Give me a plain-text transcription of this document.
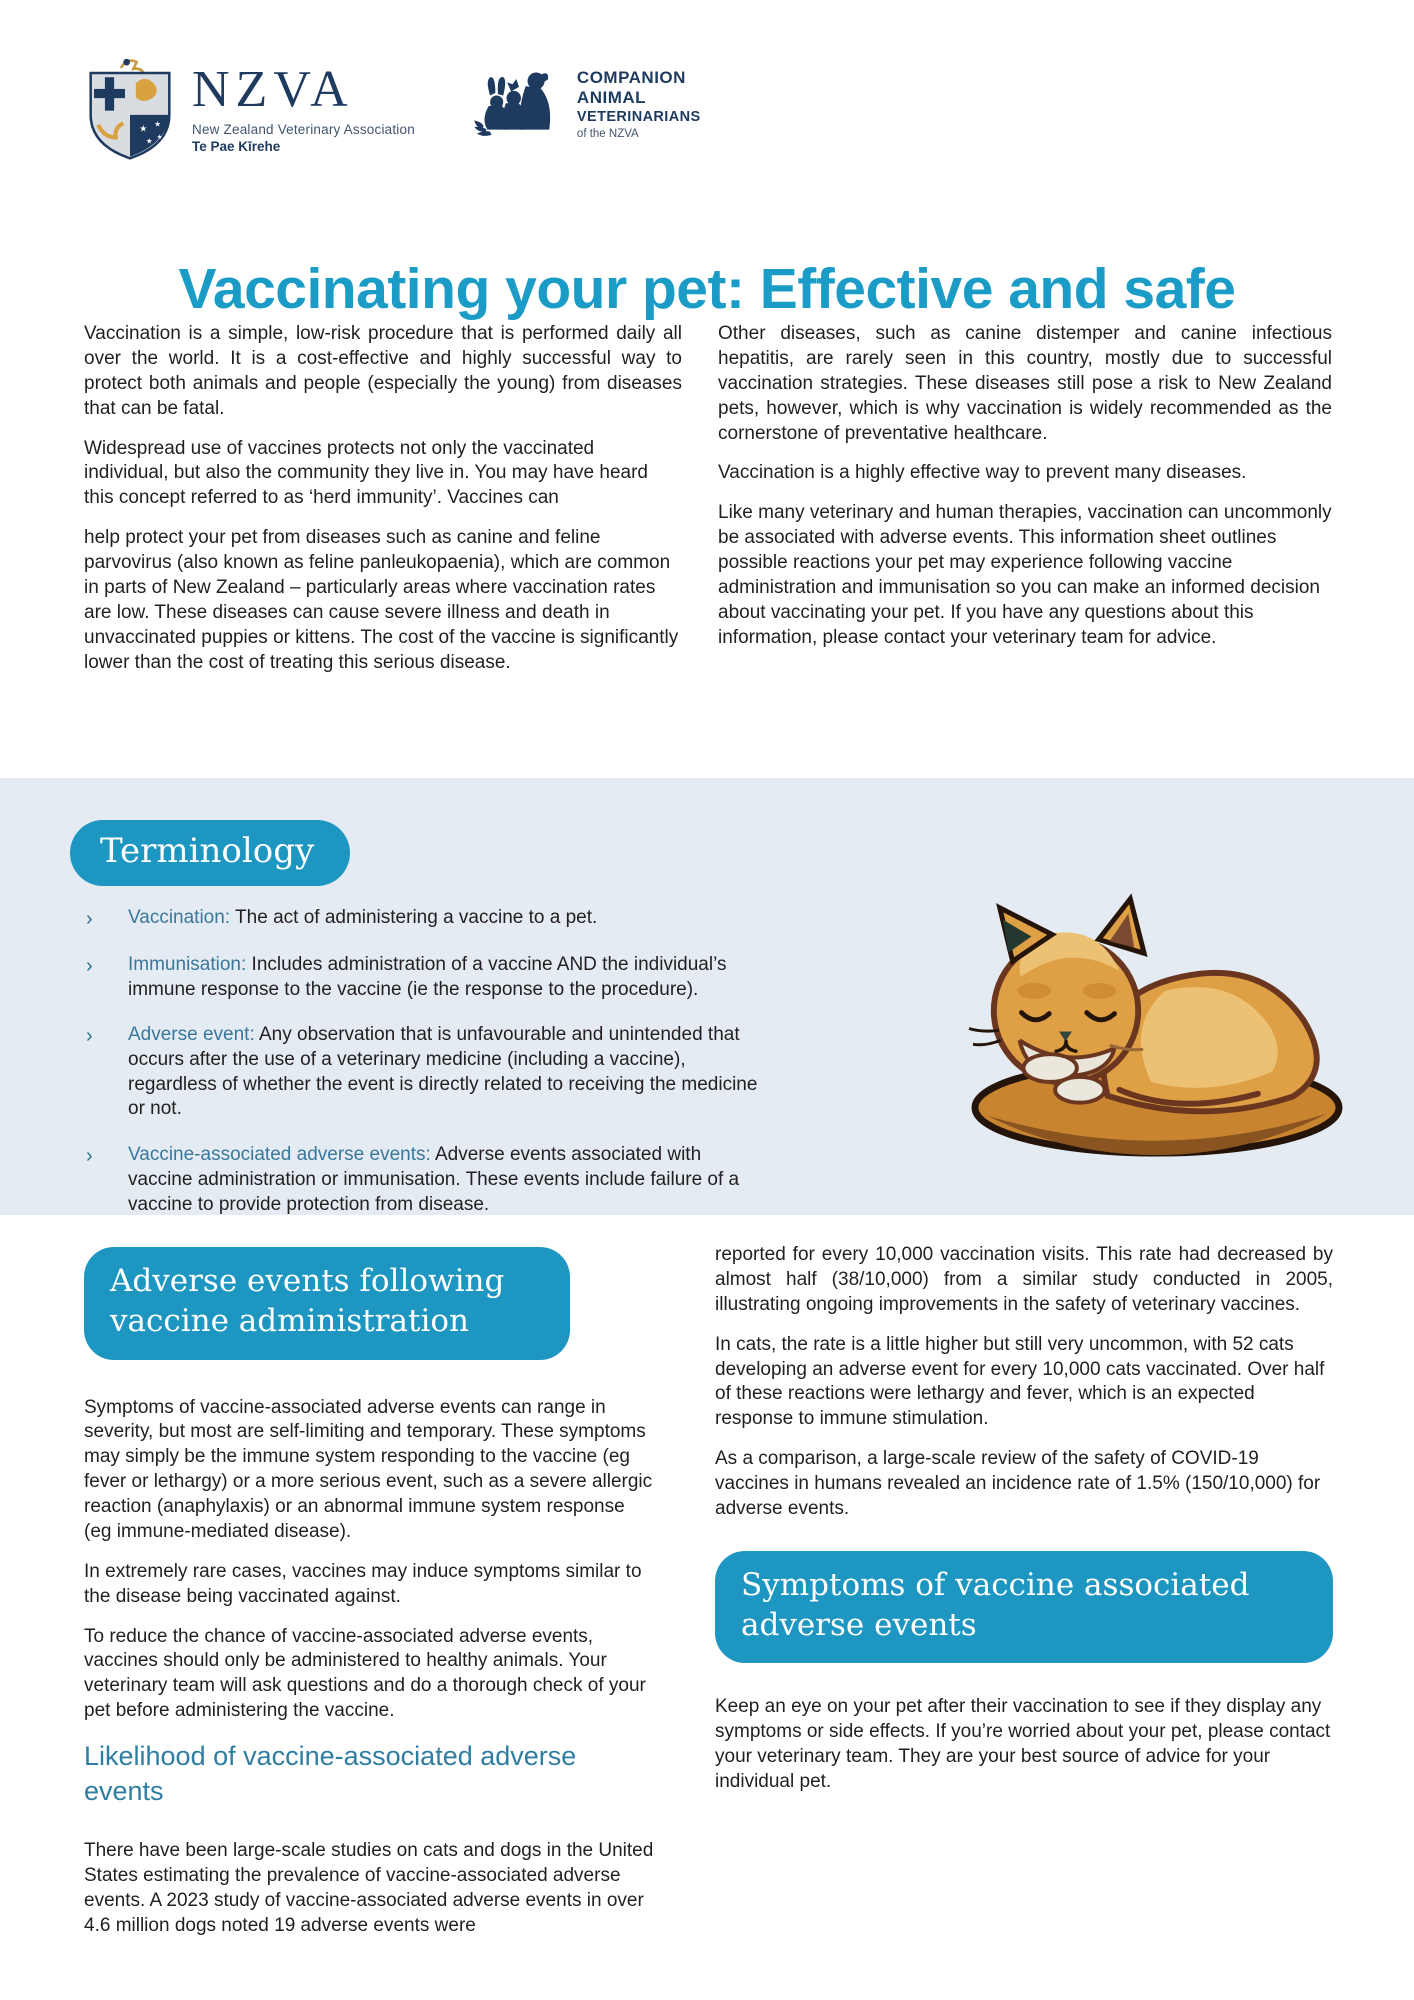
★ ★
★ ★
NZVA
New Zealand Veterinary Association
Te Pae Kīrehe
COMPANION
ANIMAL
VETERINARIANS
of the NZVA
Vaccinating your pet: Effective and safe

Vaccination is a simple, low-risk procedure that is performed daily all over the world. It is a cost-effective and highly successful way to protect both animals and people (especially the young) from diseases that can be fatal.

Widespread use of vaccines protects not only the vaccinated individual, but also the community they live in. You may have heard this concept referred to as ‘herd immunity’. Vaccines can

help protect your pet from diseases such as canine and feline parvovirus (also known as feline panleukopaenia), which are common in parts of New Zealand – particularly areas where vaccination rates are low. These diseases can cause severe illness and death in unvaccinated puppies or kittens. The cost of the vaccine is significantly lower than the cost of treating this serious disease.

Other diseases, such as canine distemper and canine infectious hepatitis, are rarely seen in this country, mostly due to successful vaccination strategies. These diseases still pose a risk to New Zealand pets, however, which is why vaccination is widely recommended as the cornerstone of preventative healthcare.

Vaccination is a highly effective way to prevent many diseases.

Like many veterinary and human therapies, vaccination can uncommonly be associated with adverse events. This information sheet outlines possible reactions your pet may experience following vaccine administration and immunisation so you can make an informed decision about vaccinating your pet. If you have any questions about this information, please contact your veterinary team for advice.

Terminology
›	Vaccination: The act of administering a vaccine to a pet.
›	Immunisation: Includes administration of a vaccine AND the individual’s immune response to the vaccine (ie the response to the procedure).
›	Adverse event: Any observation that is unfavourable and unintended that occurs after the use of a veterinary medicine (including a vaccine), regardless of whether the event is directly related to receiving the medicine or not.
›	Vaccine-associated adverse events: Adverse events associated with vaccine administration or immunisation. These events include failure of a vaccine to provide protection from disease.
Adverse events following vaccine administration

Symptoms of vaccine-associated adverse events can range in severity, but most are self-limiting and temporary. These symptoms may simply be the immune system responding to the vaccine (eg fever or lethargy) or a more serious event, such as a severe allergic reaction (anaphylaxis) or an abnormal immune system response (eg immune-mediated disease).

In extremely rare cases, vaccines may induce symptoms similar to the disease being vaccinated against.

To reduce the chance of vaccine-associated adverse events, vaccines should only be administered to healthy animals. Your veterinary team will ask questions and do a thorough check of your pet before administering the vaccine.

Likelihood of vaccine-associated adverse events

There have been large-scale studies on cats and dogs in the United States estimating the prevalence of vaccine-associated adverse events. A 2023 study of vaccine-associated adverse events in over 4.6 million dogs noted 19 adverse events were

reported for every 10,000 vaccination visits. This rate had decreased by almost half (38/10,000) from a similar study conducted in 2005, illustrating ongoing improvements in the safety of veterinary vaccines.

In cats, the rate is a little higher but still very uncommon, with 52 cats developing an adverse event for every 10,000 cats vaccinated. Over half of these reactions were lethargy and fever, which is an expected response to immune stimulation.

As a comparison, a large-scale review of the safety of COVID-19 vaccines in humans revealed an incidence rate of 1.5% (150/10,000) for adverse events.

Symptoms of vaccine associated adverse events

Keep an eye on your pet after their vaccination to see if they display any symptoms or side effects. If you’re worried about your pet, please contact your veterinary team. They are your best source of advice for your individual pet.
